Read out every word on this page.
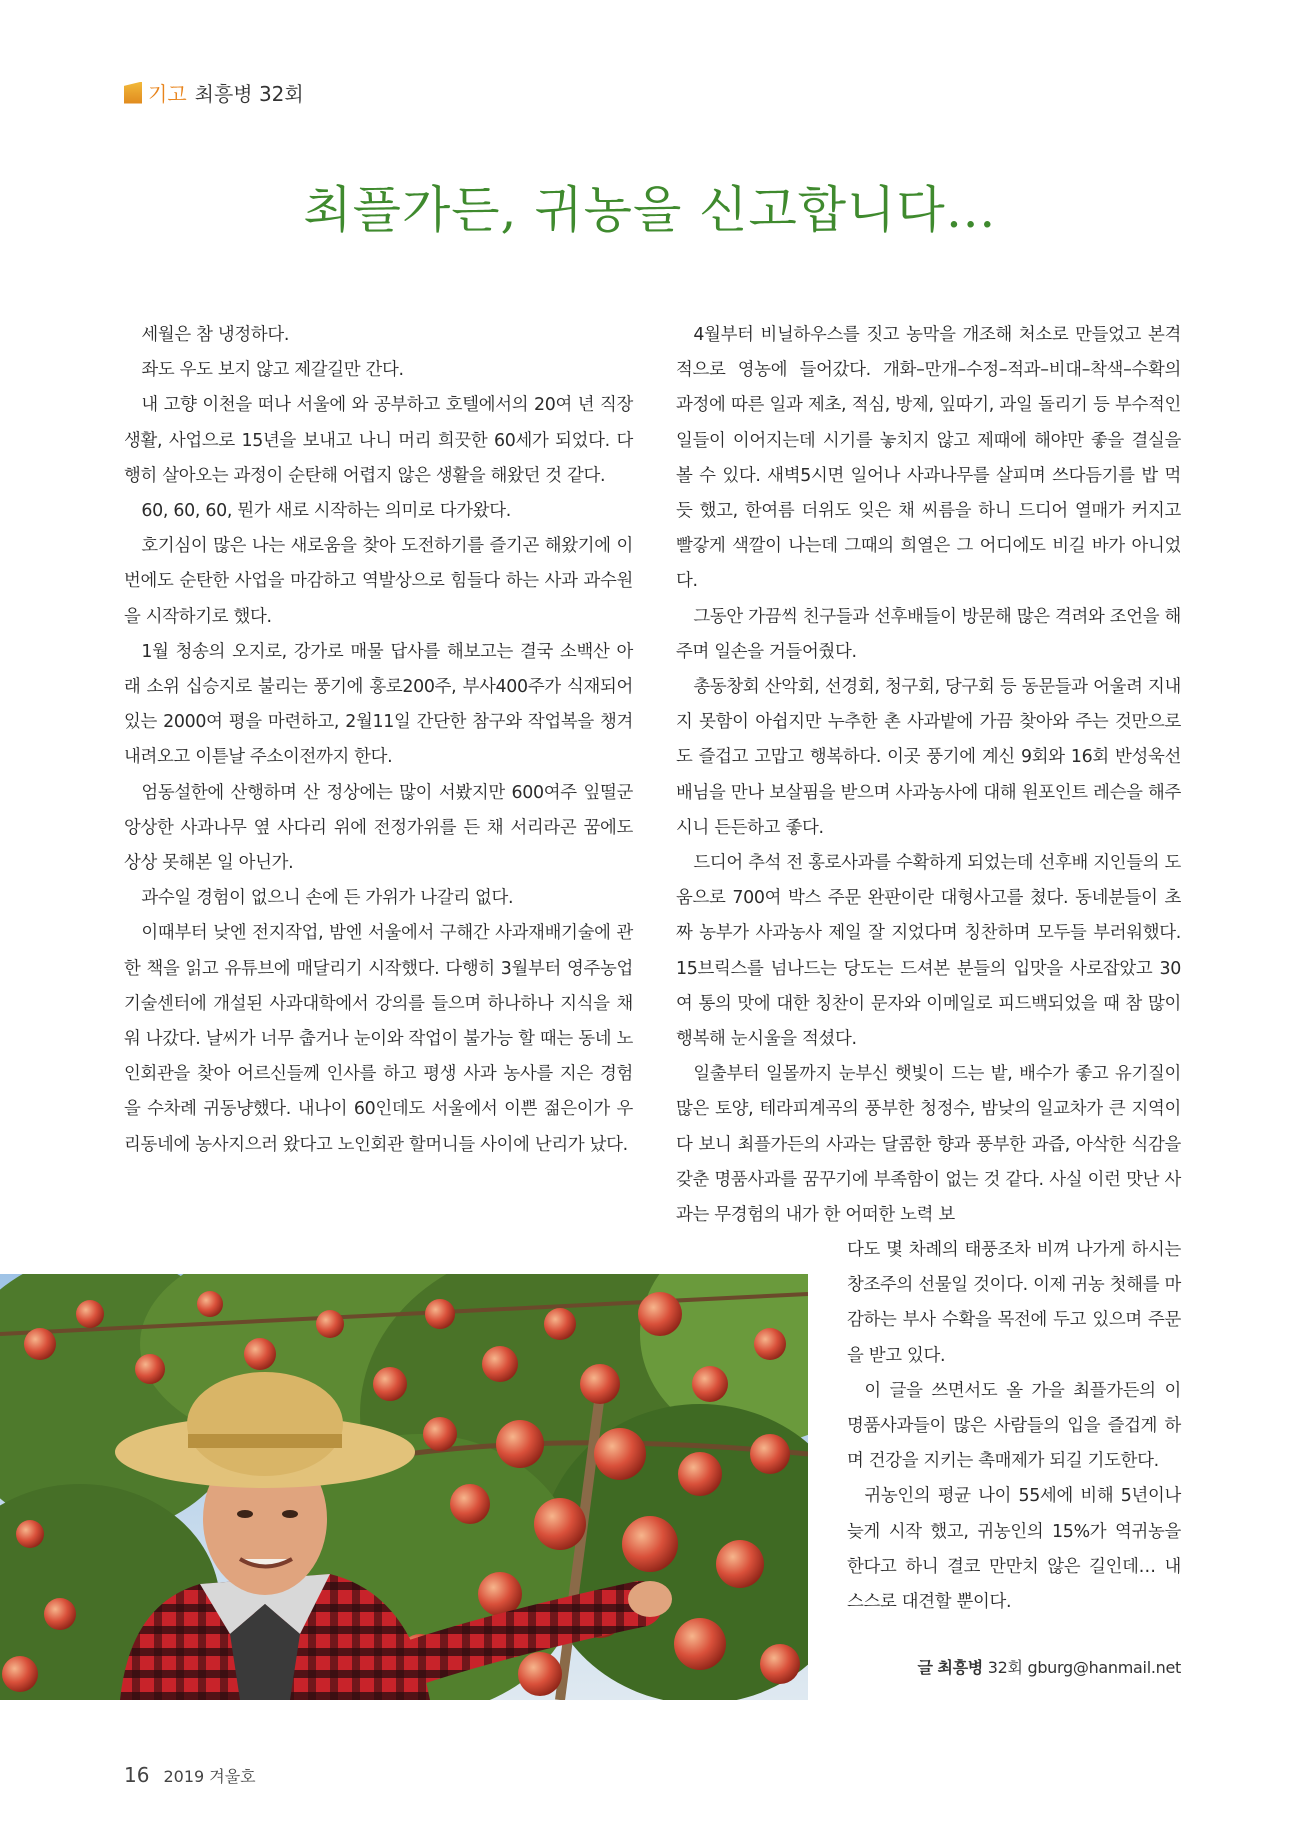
기고 최흥병 32회
최플가든, 귀농을 신고합니다…

세월은 참 냉정하다.

좌도 우도 보지 않고 제갈길만 간다.

내 고향 이천을 떠나 서울에 와 공부하고 호텔에서의 20여 년 직장생활, 사업으로 15년을 보내고 나니 머리 희끗한 60세가 되었다. 다행히 살아오는 과정이 순탄해 어렵지 않은 생활을 해왔던 것 같다.

60, 60, 60, 뭔가 새로 시작하는 의미로 다가왔다.

호기심이 많은 나는 새로움을 찾아 도전하기를 즐기곤 해왔기에 이번에도 순탄한 사업을 마감하고 역발상으로 힘들다 하는 사과 과수원을 시작하기로 했다.

1월 청송의 오지로, 강가로 매물 답사를 해보고는 결국 소백산 아래 소위 십승지로 불리는 풍기에 홍로200주, 부사400주가 식재되어 있는 2000여 평을 마련하고, 2월11일 간단한 참구와 작업복을 챙겨 내려오고 이튿날 주소이전까지 한다.

엄동설한에 산행하며 산 정상에는 많이 서봤지만 600여주 잎떨군 앙상한 사과나무 옆 사다리 위에 전정가위를 든 채 서리라곤 꿈에도 상상 못해본 일 아닌가.

과수일 경험이 없으니 손에 든 가위가 나갈리 없다.

이때부터 낮엔 전지작업, 밤엔 서울에서 구해간 사과재배기술에 관한 책을 읽고 유튜브에 매달리기 시작했다. 다행히 3월부터 영주농업기술센터에 개설된 사과대학에서 강의를 들으며 하나하나 지식을 채워 나갔다. 날씨가 너무 춥거나 눈이와 작업이 불가능 할 때는 동네 노인회관을 찾아 어르신들께 인사를 하고 평생 사과 농사를 지은 경험을 수차례 귀동냥했다. 내나이 60인데도 서울에서 이쁜 젊은이가 우리동네에 농사지으러 왔다고 노인회관 할머니들 사이에 난리가 났다.

4월부터 비닐하우스를 짓고 농막을 개조해 처소로 만들었고 본격적으로 영농에 들어갔다. 개화–만개–수정–적과–비대–착색–수확의 과정에 따른 일과 제초, 적심, 방제, 잎따기, 과일 돌리기 등 부수적인 일들이 이어지는데 시기를 놓치지 않고 제때에 해야만 좋을 결실을 볼 수 있다. 새벽5시면 일어나 사과나무를 살피며 쓰다듬기를 밥 먹듯 했고, 한여름 더위도 잊은 채 씨름을 하니 드디어 열매가 커지고 빨갛게 색깔이 나는데 그때의 희열은 그 어디에도 비길 바가 아니었다.

그동안 가끔씩 친구들과 선후배들이 방문해 많은 격려와 조언을 해주며 일손을 거들어줬다.

총동창회 산악회, 선경회, 청구회, 당구회 등 동문들과 어울려 지내지 못함이 아쉽지만 누추한 촌 사과밭에 가끔 찾아와 주는 것만으로도 즐겁고 고맙고 행복하다. 이곳 풍기에 계신 9회와 16회 반성욱선배님을 만나 보살핌을 받으며 사과농사에 대해 원포인트 레슨을 해주시니 든든하고 좋다.

드디어 추석 전 홍로사과를 수확하게 되었는데 선후배 지인들의 도움으로 700여 박스 주문 완판이란 대형사고를 쳤다. 동네분들이 초짜 농부가 사과농사 제일 잘 지었다며 칭찬하며 모두들 부러워했다. 15브릭스를 넘나드는 당도는 드셔본 분들의 입맛을 사로잡았고 30여 통의 맛에 대한 칭찬이 문자와 이메일로 피드백되었을 때 참 많이 행복해 눈시울을 적셨다.

일출부터 일몰까지 눈부신 햇빛이 드는 밭, 배수가 좋고 유기질이 많은 토양, 테라피계곡의 풍부한 청정수, 밤낮의 일교차가 큰 지역이다 보니 최플가든의 사과는 달콤한 향과 풍부한 과즙, 아삭한 식감을 갖춘 명품사과를 꿈꾸기에 부족함이 없는 것 같다. 사실 이런 맛난 사과는 무경험의 내가 한 어떠한 노력 보

다도 몇 차례의 태풍조차 비껴 나가게 하시는 창조주의 선물일 것이다. 이제 귀농 첫해를 마감하는 부사 수확을 목전에 두고 있으며 주문을 받고 있다.

이 글을 쓰면서도 올 가을 최플가든의 이 명품사과들이 많은 사람들의 입을 즐겁게 하며 건강을 지키는 촉매제가 되길 기도한다.

귀농인의 평균 나이 55세에 비해 5년이나 늦게 시작 했고, 귀농인의 15%가 역귀농을 한다고 하니 결코 만만치 않은 길인데… 내 스스로 대견할 뿐이다.

글 최흥병 32회 gburg@hanmail.net
16 2019 겨울호
